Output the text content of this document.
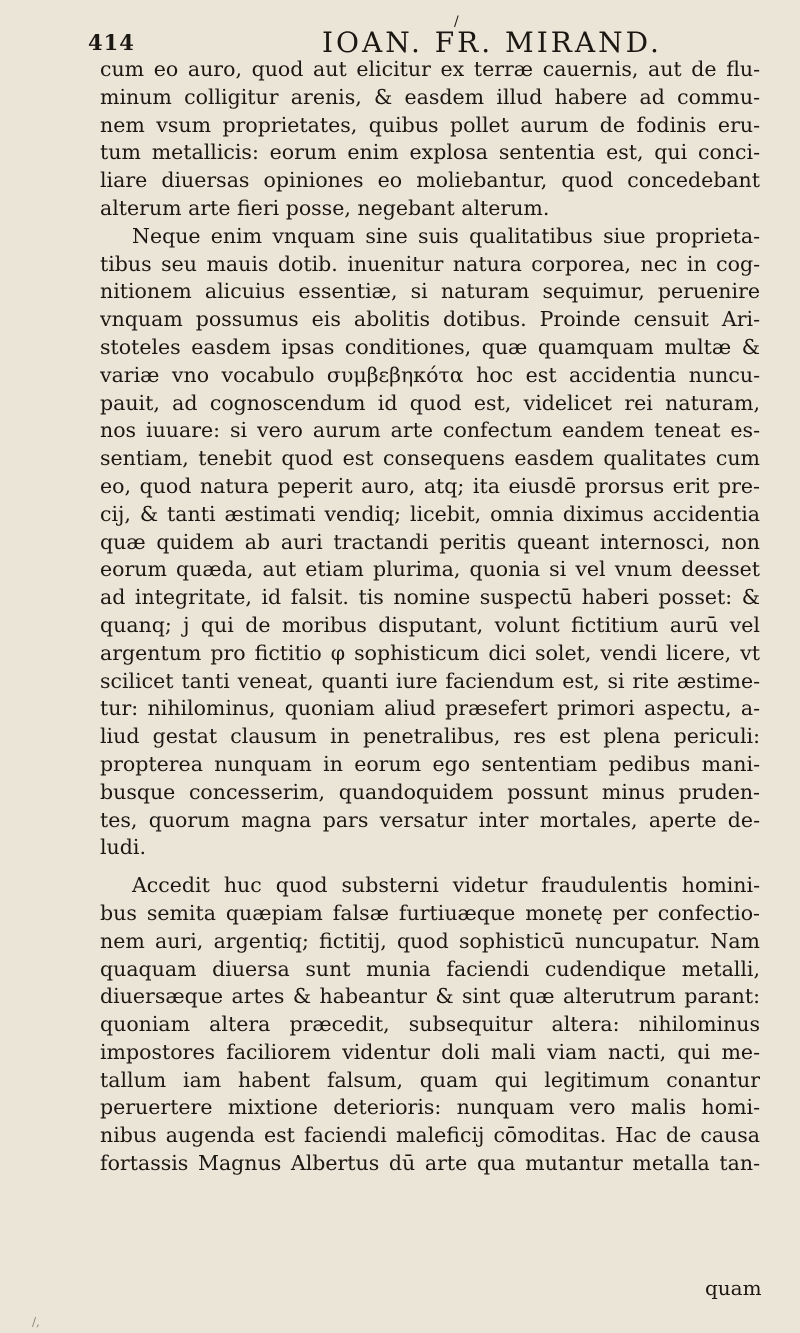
414
/
IOAN. FR. MIRAND.
cum eo auro, quod aut elicitur ex terræ cauernis, aut de flu-
minum colligitur arenis, & easdem illud habere ad commu-
nem vsum proprietates, quibus pollet aurum de fodinis eru-
tum metallicis: eorum enim explosa sententia est, qui conci-
liare diuersas opiniones eo moliebantur, quod concedebant
alterum arte fieri posse, negebant alterum.
Neque enim vnquam sine suis qualitatibus siue proprieta-
tibus seu mauis dotib. inuenitur natura corporea, nec in cog-
nitionem alicuius essentiæ, si naturam sequimur, peruenire
vnquam possumus eis abolitis dotibus. Proinde censuit Ari-
stoteles easdem ipsas conditiones, quæ quamquam multæ &
variæ vno vocabulo συμβεβηκότα hoc est accidentia nuncu-
pauit, ad cognoscendum id quod est, videlicet rei naturam,
nos iuuare: si vero aurum arte confectum eandem teneat es-
sentiam, tenebit quod est consequens easdem qualitates cum
eo, quod natura peperit auro, atq; ita eiusdē prorsus erit pre-
cij, & tanti æstimati vendiq; licebit, omnia diximus accidentia
quæ quidem ab auri tractandi peritis queant internosci, non
eorum quæda, aut etiam plurima, quonia si vel vnum deesset
ad integritate, id falsit. tis nomine suspectū haberi posset: &
quanq; j qui de moribus disputant, volunt fictitium aurū vel
argentum pro fictitio φ sophisticum dici solet, vendi licere, vt
scilicet tanti veneat, quanti iure faciendum est, si rite æstime-
tur: nihilominus, quoniam aliud præsefert primori aspectu, a-
liud gestat clausum in penetralibus, res est plena periculi:
propterea nunquam in eorum ego sententiam pedibus mani-
busque concesserim, quandoquidem possunt minus pruden-
tes, quorum magna pars versatur inter mortales, aperte de-
ludi.
Accedit huc quod substerni videtur fraudulentis homini-
bus semita quæpiam falsæ furtiuæque monetę per confectio-
nem auri, argentiq; fictitij, quod sophisticū nuncupatur. Nam
quaquam diuersa sunt munia faciendi cudendique metalli,
diuersæque artes & habeantur & sint quæ alterutrum parant:
quoniam altera præcedit, subsequitur altera: nihilominus
impostores faciliorem videntur doli mali viam nacti, qui me-
tallum iam habent falsum, quam qui legitimum conantur
peruertere mixtione deterioris: nunquam vero malis homi-
nibus augenda est faciendi maleficij cōmoditas. Hac de causa
fortassis Magnus Albertus dū arte qua mutantur metalla tan-
quam
/,
